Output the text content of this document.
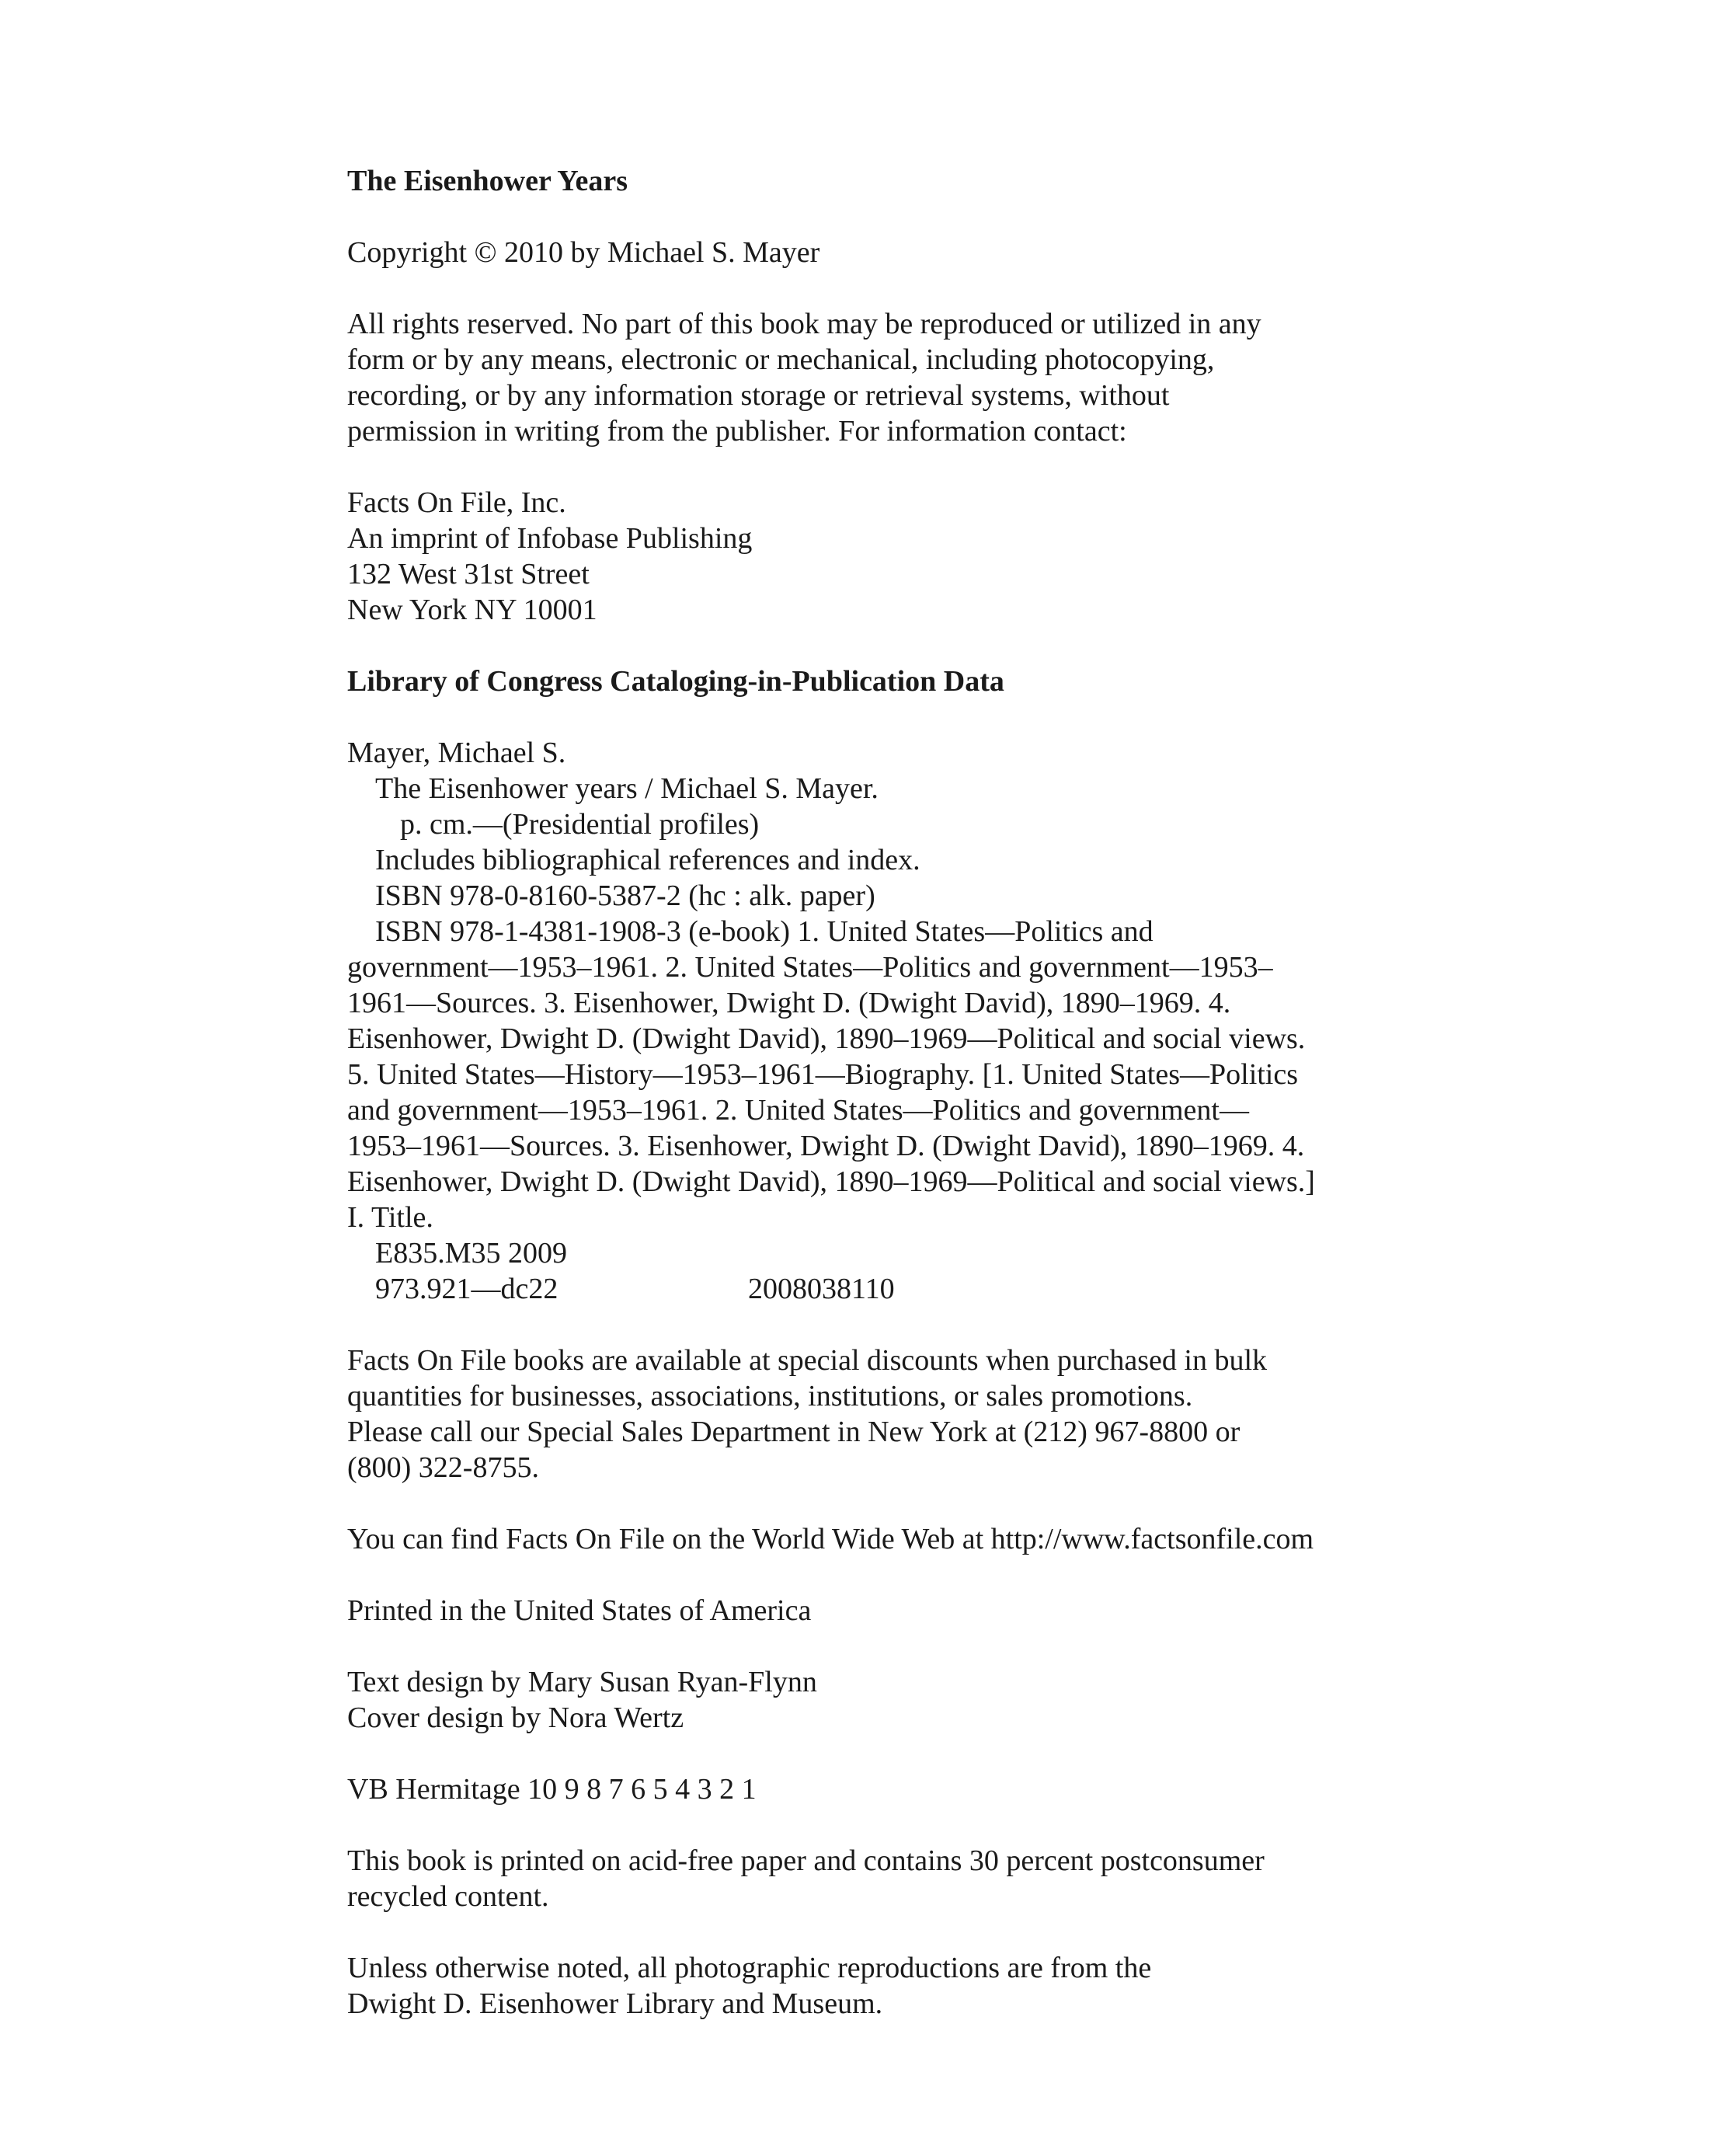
The Eisenhower Years
Copyright © 2010 by Michael S. Mayer
All rights reserved. No part of this book may be reproduced or utilized in any
form or by any means, electronic or mechanical, including photocopying,
recording, or by any information storage or retrieval systems, without
permission in writing from the publisher. For information contact:
Facts On File, Inc.
An imprint of Infobase Publishing
132 West 31st Street
New York NY 10001
Library of Congress Cataloging-in-Publication Data
Mayer, Michael S.
The Eisenhower years / Michael S. Mayer.
p. cm.—(Presidential profiles)
Includes bibliographical references and index.
ISBN 978-0-8160-5387-2 (hc : alk. paper)
ISBN 978-1-4381-1908-3 (e-book) 1. United States—Politics and
government—1953–1961. 2. United States—Politics and government—1953–
1961—Sources. 3. Eisenhower, Dwight D. (Dwight David), 1890–1969. 4.
Eisenhower, Dwight D. (Dwight David), 1890–1969—Political and social views.
5. United States—History—1953–1961—Biography. [1. United States—Politics
and government—1953–1961. 2. United States—Politics and government—
1953–1961—Sources. 3. Eisenhower, Dwight D. (Dwight David), 1890–1969. 4.
Eisenhower, Dwight D. (Dwight David), 1890–1969—Political and social views.]
I. Title.
E835.M35 2009
973.921—dc22	2008038110
Facts On File books are available at special discounts when purchased in bulk
quantities for businesses, associations, institutions, or sales promotions.
Please call our Special Sales Department in New York at (212) 967-8800 or
(800) 322-8755.
You can find Facts On File on the World Wide Web at http://www.factsonfile.com
Printed in the United States of America
Text design by Mary Susan Ryan-Flynn
Cover design by Nora Wertz
VB Hermitage 10 9 8 7 6 5 4 3 2 1
This book is printed on acid-free paper and contains 30 percent postconsumer
recycled content.
Unless otherwise noted, all photographic reproductions are from the
Dwight D. Eisenhower Library and Museum.
